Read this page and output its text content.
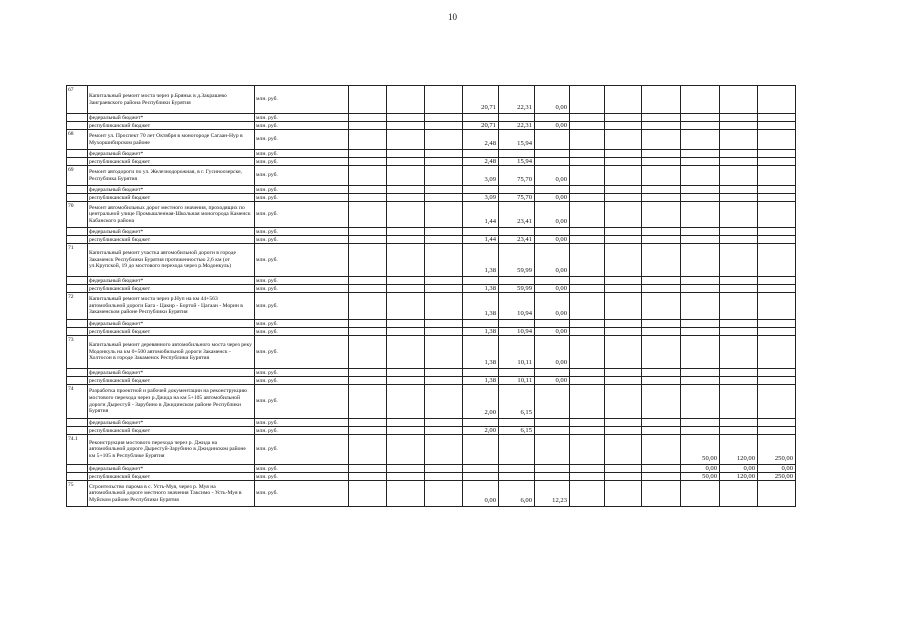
10
67	Капитальный ремонт моста через р.Бряньк в д.Закрашево Заиграевского района Республики Бурятия	млн. руб.				20,71	22,31	0,00						
	федеральный бюджет*	млн. руб.												
	республиканский бюджет	млн. руб.				20,71	22,31	0,00						
68	Ремонт ул. Проспект 70 лет Октября в моногороде Сагаан-Нур в Мухоршибирском районе	млн. руб.				2,48	15,94							
	федеральный бюджет*	млн. руб.												
	республиканский бюджет	млн. руб.				2,48	15,94							
69	Ремонт автодороги по ул. Железнодорожная, в г. Гусиноозерске, Республика Бурятия	млн. руб.				3,09	75,70	0,00						
	федеральный бюджет*	млн. руб.												
	республиканский бюджет	млн. руб.				3,09	75,70	0,00						
70	Ремонт автомобильных дорог местного значения, проходящих по центральной улице Промышленная-Школьная моногорода Каменск Кабанского района	млн. руб.				1,44	23,41	0,00						
	федеральный бюджет*	млн. руб.												
	республиканский бюджет	млн. руб.				1,44	23,41	0,00						
71	Капитальный ремонт участка автомобильной дороги в городе Закаменск Республики Бурятия протяженностью 2,6 км (от ул.Крупской, 19 до мостового перехода через р.Модонкуль)	млн. руб.				1,38	59,99	0,00						
	федеральный бюджет*	млн. руб.												
	республиканский бюджет	млн. руб.				1,38	59,99	0,00						
72	Капитальный ремонт моста через р.Нуп на км 44+563 автомобильной дороги Бага - Цакир - Бортой - Цагаан - Морин в Закаменском районе Республики Бурятия	млн. руб.				1,38	10,94	0,00						
	федеральный бюджет*	млн. руб.												
	республиканский бюджет	млн. руб.				1,38	10,94	0,00						
73	Капитальный ремонт деревянного автомобильного моста через реку Модонкуль на км 0+500 автомобильной дороги Закаменск - Холтосон в городе Закаменск Республики Бурятия	млн. руб.				1,38	10,11	0,00						
	федеральный бюджет*	млн. руб.												
	республиканский бюджет	млн. руб.				1,38	10,11	0,00						
74	Разработка проектной и рабочей документации на реконструкцию мостового перехода через р.Джида на км 5+105 автомобильной дороги Дыресгуй - Зарубино в Джидинском районе Республики Бурятия	млн. руб.				2,00	6,15							
	федеральный бюджет*	млн. руб.												
	республиканский бюджет	млн. руб.				2,00	6,15							
74.1	Реконструкция мостового перехода через р. Джида на автомобильной дороге Дыресгуй-Зарубино в Джидинском районе км 5+105 в Республике Бурятия	млн. руб.										50,00	120,00	250,00
	федеральный бюджет*	млн. руб.										0,00	0,00	0,00
	республиканский бюджет	млн. руб.										50,00	120,00	250,00
75	Строительство парома в с. Усть-Муя, через р. Муя на автомобильной дороге местного значения Таксимо - Усть-Муя в Муйском районе Республики Бурятия	млн. руб.				0,00	6,00	12,23						
